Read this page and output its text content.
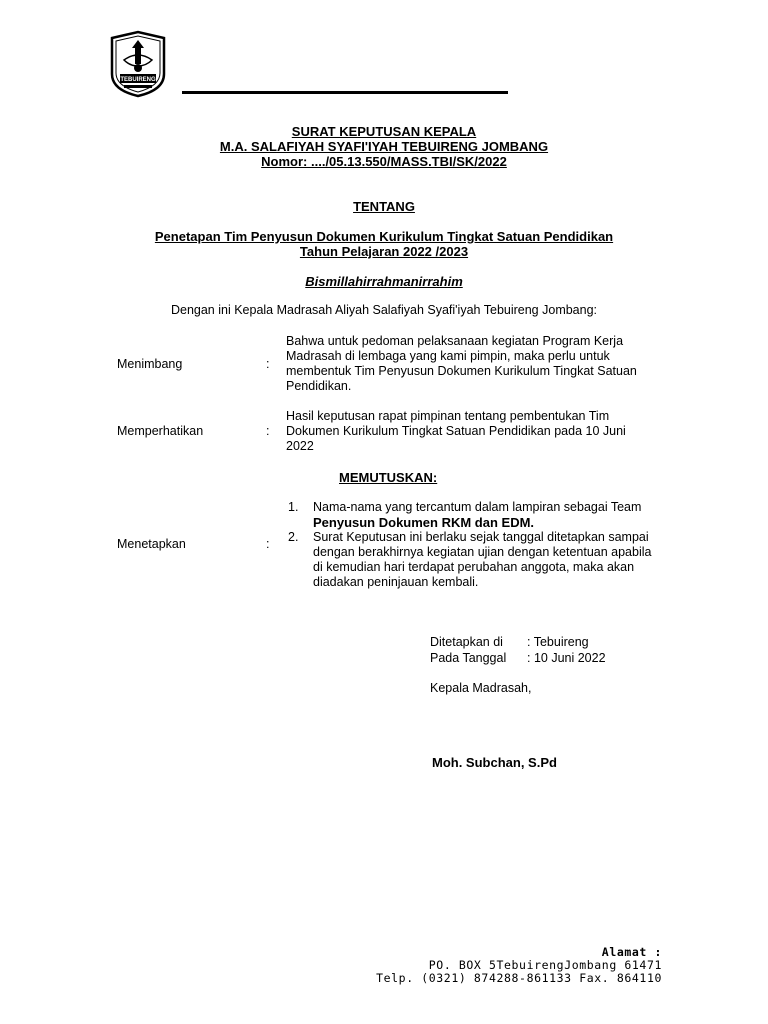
TEBUIRENG
SURAT KEPUTUSAN KEPALA
M.A. SALAFIYAH SYAFI'IYAH TEBUIRENG JOMBANG
Nomor: ..../05.13.550/MASS.TBI/SK/2022
TENTANG
Penetapan Tim Penyusun Dokumen Kurikulum Tingkat Satuan Pendidikan
Tahun Pelajaran 2022 /2023
Bismillahirrahmanirrahim
Dengan ini Kepala Madrasah Aliyah Salafiyah Syafi'iyah Tebuireng Jombang:
Menimbang	:
Bahwa untuk pedoman pelaksanaan kegiatan Program Kerja
Madrasah di lembaga yang kami pimpin, maka perlu untuk
membentuk Tim Penyusun Dokumen Kurikulum Tingkat Satuan
Pendidikan.
Memperhatikan	:
Hasil keputusan rapat pimpinan tentang pembentukan Tim
Dokumen Kurikulum Tingkat Satuan Pendidikan pada 10 Juni
2022
MEMUTUSKAN:
Menetapkan	:
1. Nama-nama yang tercantum dalam lampiran sebagai Team
Penyusun Dokumen RKM dan EDM.
2. Surat Keputusan ini berlaku sejak tanggal ditetapkan sampai
dengan berakhirnya kegiatan ujian dengan ketentuan apabila
di kemudian hari terdapat perubahan anggota, maka akan
diadakan peninjauan kembali.
Ditetapkan di : Tebuireng
Pada Tanggal : 10 Juni 2022
Kepala Madrasah,
Moh. Subchan, S.Pd
Alamat :
PO. BOX 5TebuirengJombang 61471
Telp. (0321) 874288-861133 Fax. 864110
